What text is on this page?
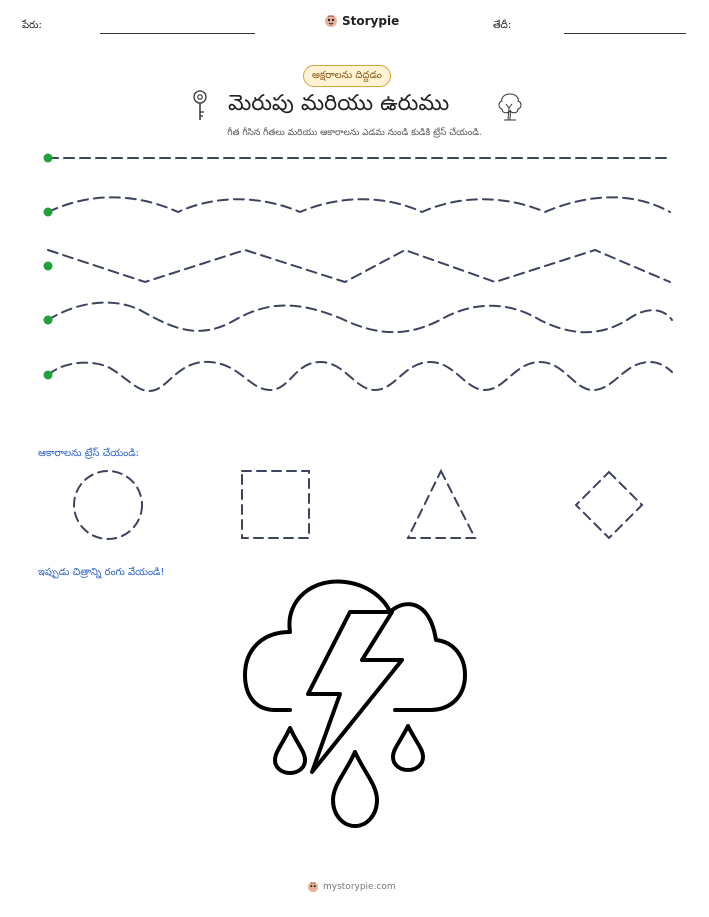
పేరు:	Storypie	తేదీ:
అక్షరాలను దిద్దడం
మెరుపు మరియు ఉరుము
గీత గీసిన గీతలు మరియు ఆకారాలను ఎడమ నుండి కుడికి ట్రేస్ చేయండి.
ఆకారాలను ట్రేస్ చేయండి:
ఇప్పుడు చిత్రాన్ని రంగు వేయండి!
mystorypie.com
